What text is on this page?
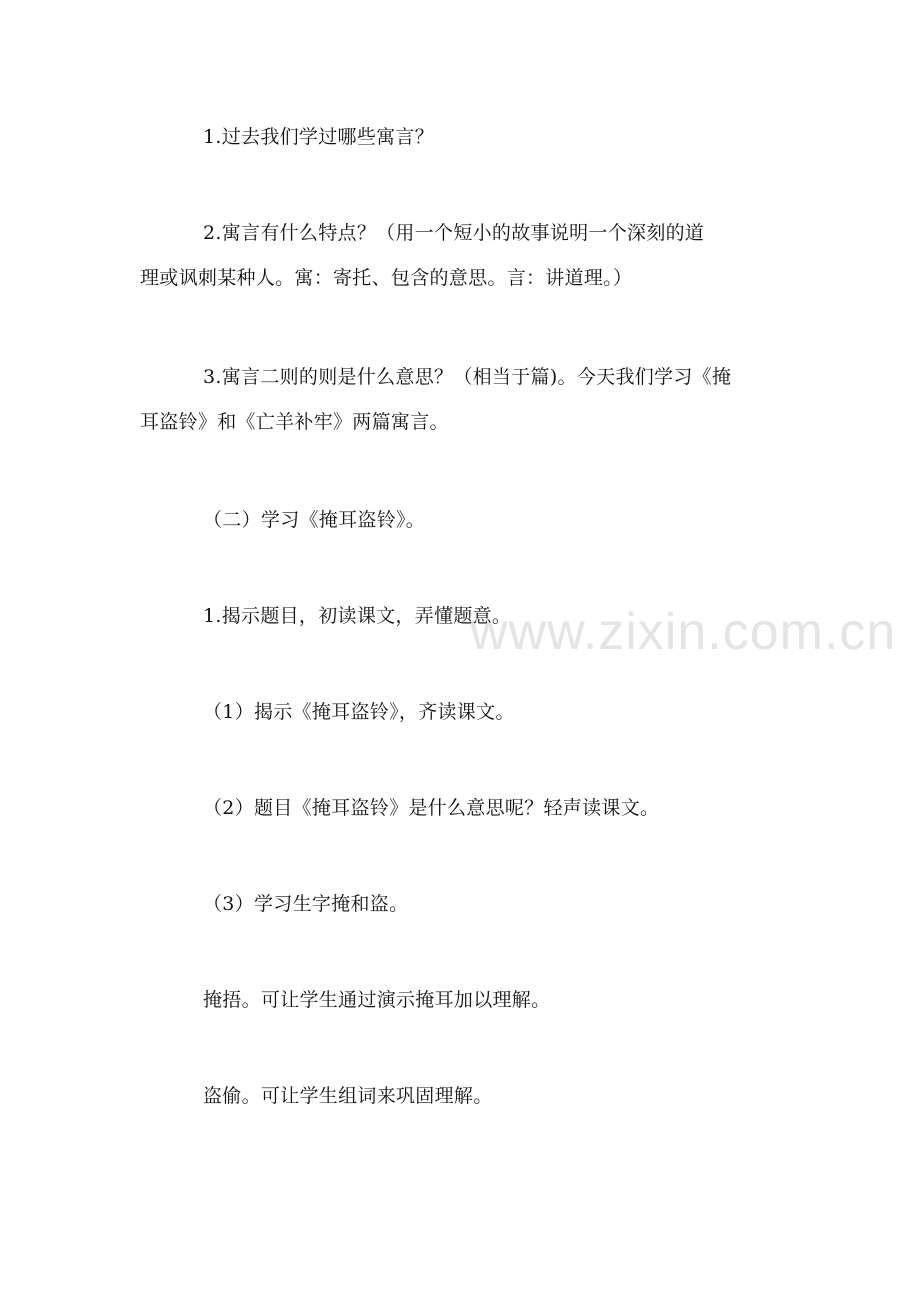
www.zixin.com.cn

1.过去我们学过哪些寓言？

2.寓言有什么特点？（用一个短小的故事说明一个深刻的道
理或讽刺某种人。寓：寄托、包含的意思。言：讲道理。）

3.寓言二则的则是什么意思？（相当于篇)。今天我们学习《掩
耳盗铃》和《亡羊补牢》两篇寓言。

（二）学习《掩耳盗铃》。

1.揭示题目，初读课文，弄懂题意。

（1）揭示《掩耳盗铃》，齐读课文。

（2）题目《掩耳盗铃》是什么意思呢？轻声读课文。

（3）学习生字掩和盗。

掩捂。可让学生通过演示掩耳加以理解。

盗偷。可让学生组词来巩固理解。
